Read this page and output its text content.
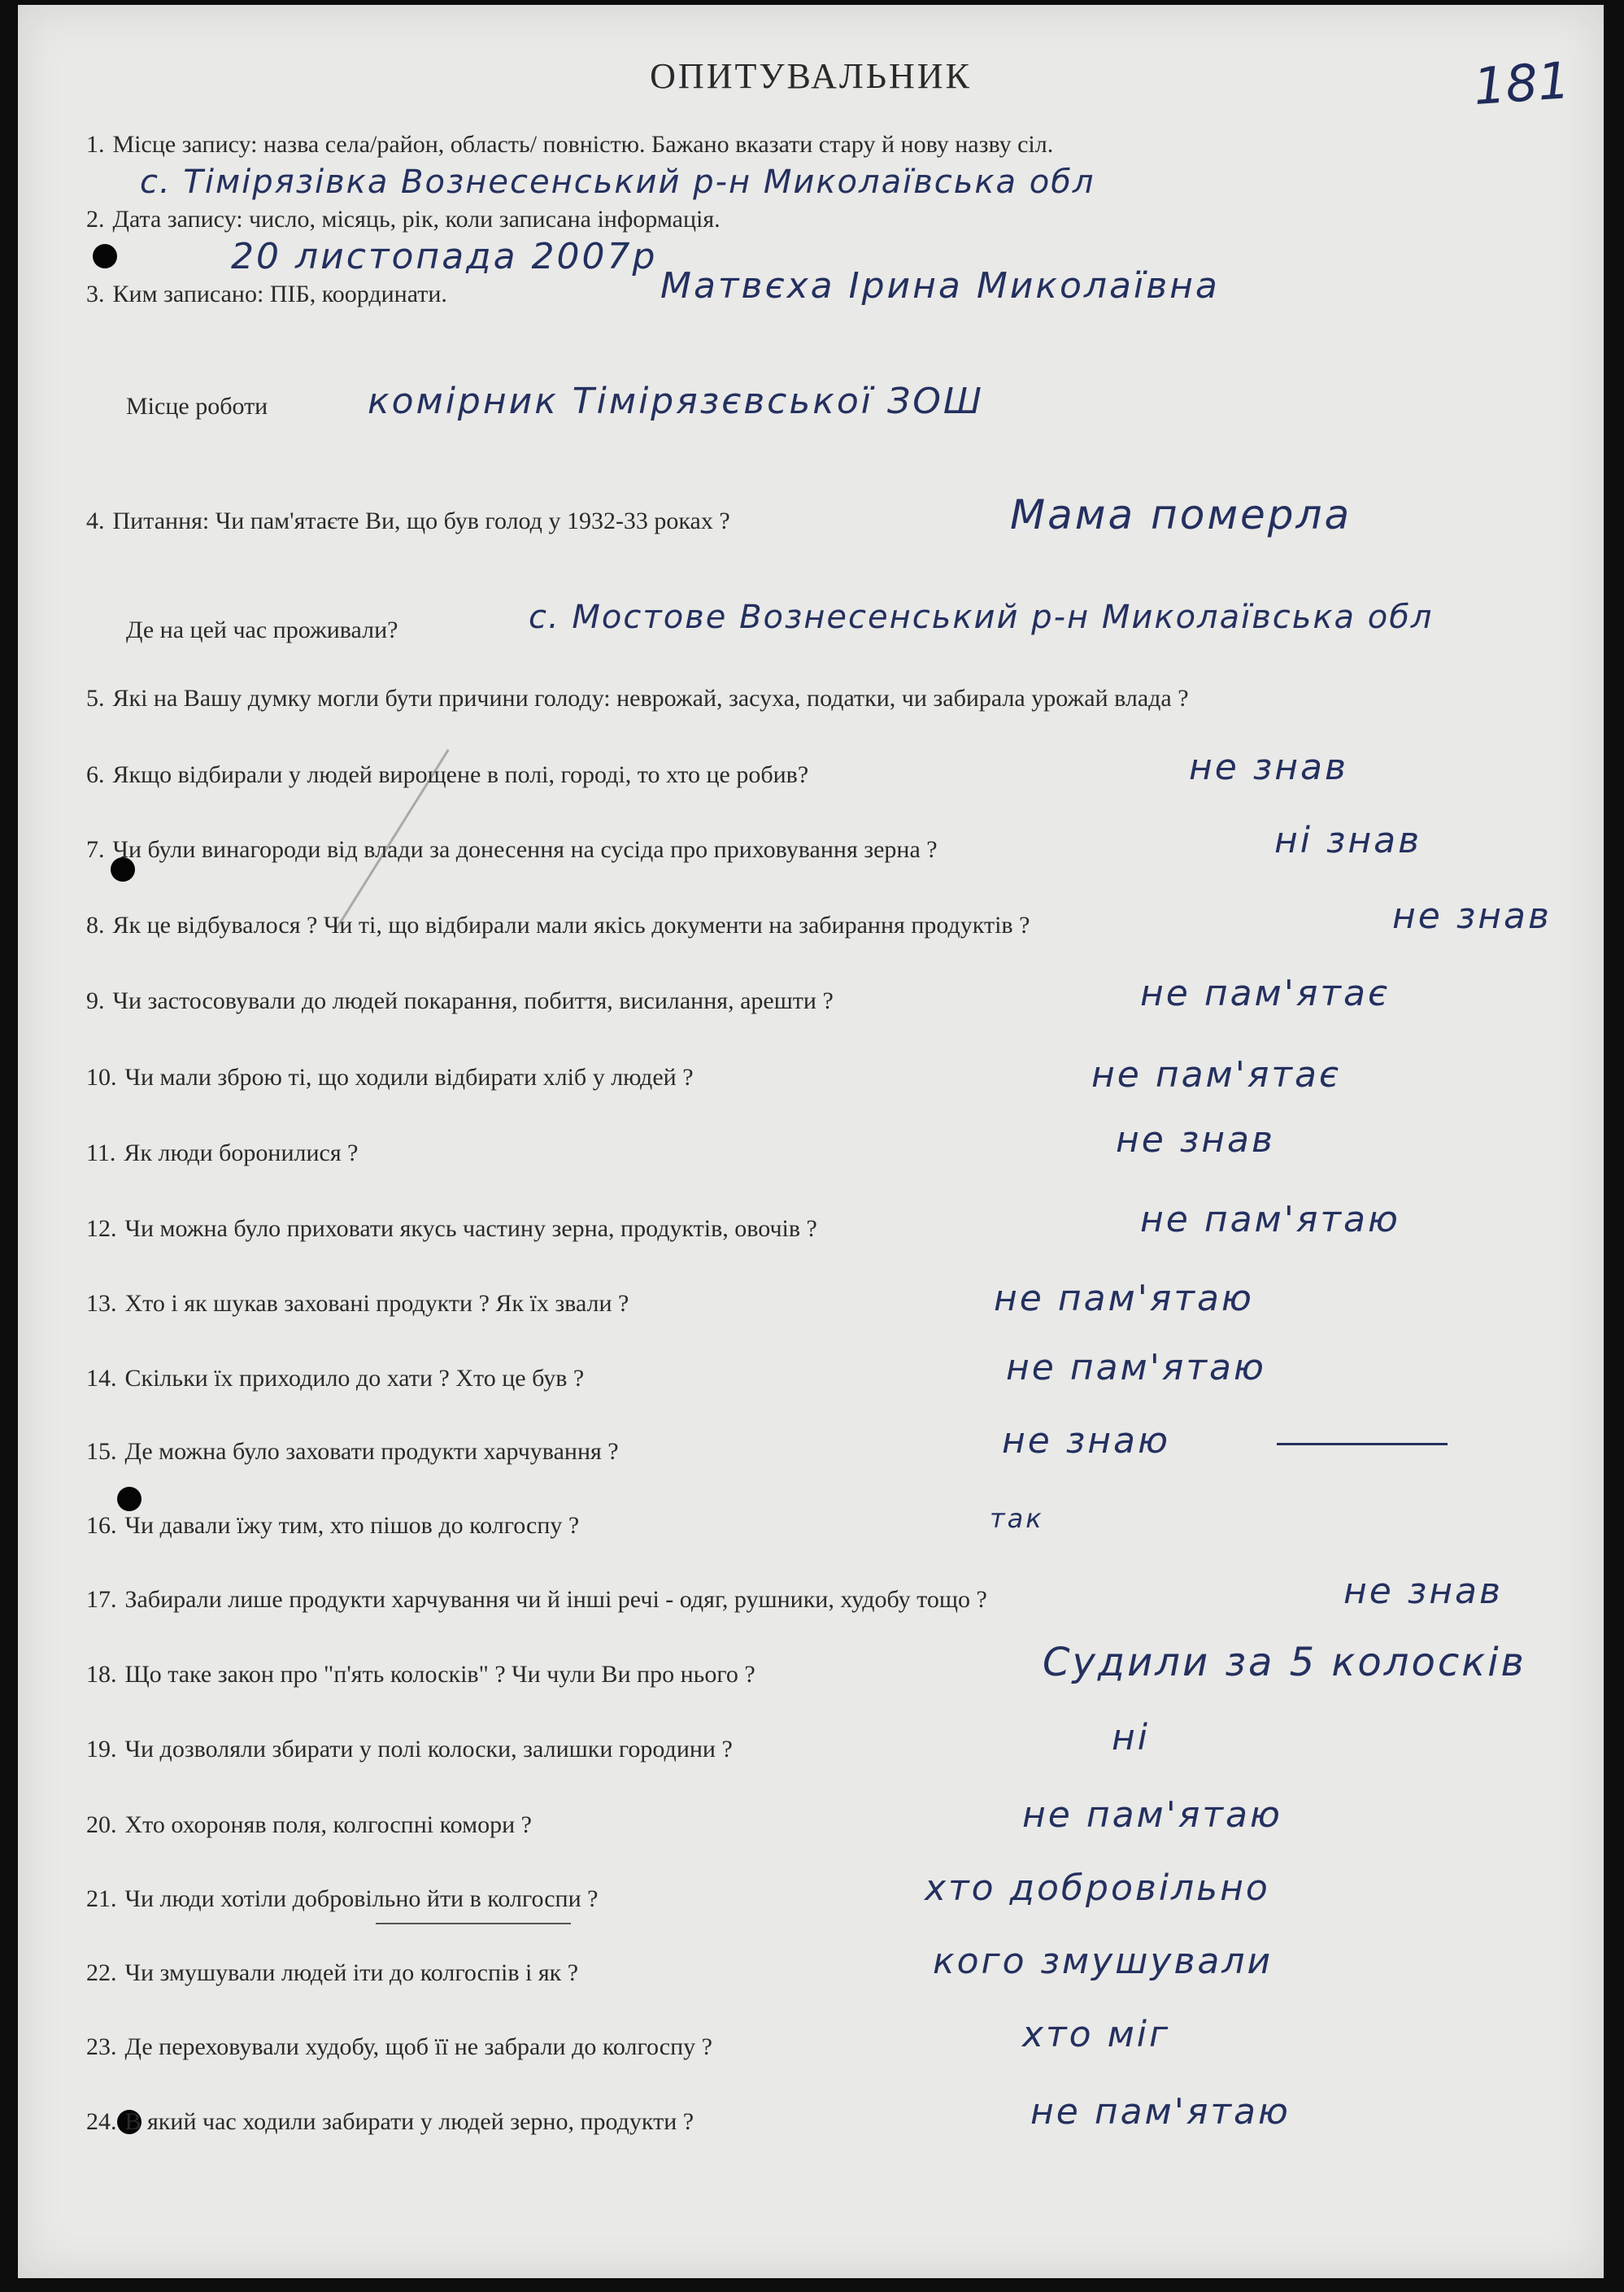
ОПИТУВАЛЬНИК	181
1. Місце запису: назва села/район, область/ повністю. Бажано вказати стару й нову назву сіл.
с. Тімірязівка Вознесенський р-н Миколаївська обл
2. Дата запису: число, місяць, рік, коли записана інформація.
20 листопада 2007р
3. Ким записано: ПІБ, координати.	Матвєха Ірина Миколаївна
Місце роботи	комірник Тімірязєвської ЗОШ
4. Питання: Чи пам'ятаєте Ви, що був голод у 1932-33 роках ?	Мама померла
Де на цей час проживали?	с. Мостове Вознесенський р-н Миколаївська обл
5. Які на Вашу думку могли бути причини голоду: неврожай, засуха, податки, чи забирала урожай влада ?
6. Якщо відбирали у людей вирощене в полі, городі, то хто це робив?	не знав
7. Чи були винагороди від влади за донесення на сусіда про приховування зерна ?	ні знав
8. Як це відбувалося ? Чи ті, що відбирали мали якісь документи на забирання продуктів ?	не знав
9. Чи застосовували до людей покарання, побиття, висилання, арешти ?	не пам'ятає
10. Чи мали зброю ті, що ходили відбирати хліб у людей ?	не пам'ятає
11. Як люди боронилися ?	не знав
12. Чи можна було приховати якусь частину зерна, продуктів, овочів ?	не пам'ятаю
13. Хто і як шукав заховані продукти ? Як їх звали ?	не пам'ятаю
14. Скільки їх приходило до хати ? Хто це був ?	не пам'ятаю
15. Де можна було заховати продукти харчування ?	не знаю
16. Чи давали їжу тим, хто пішов до колгоспу ?	так
17. Забирали лише продукти харчування чи й інші речі - одяг, рушники, худобу тощо ?	не знав
18. Що таке закон про "п'ять колосків" ? Чи чули Ви про нього ?	Судили за 5 колосків
19. Чи дозволяли збирати у полі колоски, залишки городини ?	ні
20. Хто охороняв поля, колгоспні комори ?	не пам'ятаю
21. Чи люди хотіли добровільно йти в колгоспи ?	хто добровільно
22. Чи змушували людей іти до колгоспів і як ?	кого змушували
23. Де переховували худобу, щоб її не забрали до колгоспу ?	хто міг
24. В який час ходили забирати у людей зерно, продукти ?	не пам'ятаю
